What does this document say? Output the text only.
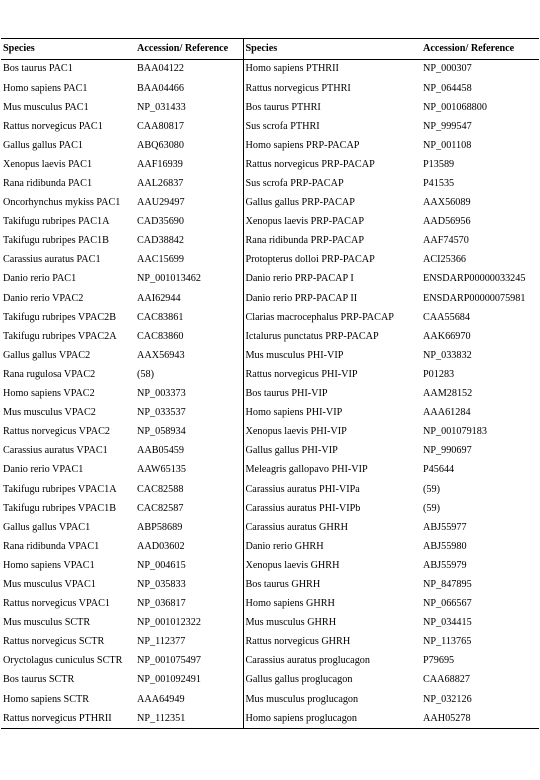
Species	Accession/ Reference	Species	Accession/ Reference
Bos taurus PAC1	BAA04122	Homo sapiens PTHRII	NP_000307
Homo sapiens PAC1	BAA04466	Rattus norvegicus PTHRI	NP_064458
Mus musculus PAC1	NP_031433	Bos taurus PTHRI	NP_001068800
Rattus norvegicus PAC1	CAA80817	Sus scrofa PTHRI	NP_999547
Gallus gallus PAC1	ABQ63080	Homo sapiens PRP-PACAP	NP_001108
Xenopus laevis PAC1	AAF16939	Rattus norvegicus PRP-PACAP	P13589
Rana ridibunda PAC1	AAL26837	Sus scrofa PRP-PACAP	P41535
Oncorhynchus mykiss PAC1	AAU29497	Gallus gallus PRP-PACAP	AAX56089
Takifugu rubripes PAC1A	CAD35690	Xenopus laevis PRP-PACAP	AAD56956
Takifugu rubripes PAC1B	CAD38842	Rana ridibunda PRP-PACAP	AAF74570
Carassius auratus PAC1	AAC15699	Protopterus dolloi PRP-PACAP	ACI25366
Danio rerio PAC1	NP_001013462	Danio rerio PRP-PACAP I	ENSDARP00000033245
Danio rerio VPAC2	AAI62944	Danio rerio PRP-PACAP II	ENSDARP00000075981
Takifugu rubripes VPAC2B	CAC83861	Clarias macrocephalus PRP-PACAP	CAA55684
Takifugu rubripes VPAC2A	CAC83860	Ictalurus punctatus PRP-PACAP	AAK66970
Gallus gallus VPAC2	AAX56943	Mus musculus PHI-VIP	NP_033832
Rana rugulosa VPAC2	(58)	Rattus norvegicus PHI-VIP	P01283
Homo sapiens VPAC2	NP_003373	Bos taurus PHI-VIP	AAM28152
Mus musculus VPAC2	NP_033537	Homo sapiens PHI-VIP	AAA61284
Rattus norvegicus VPAC2	NP_058934	Xenopus laevis PHI-VIP	NP_001079183
Carassius auratus VPAC1	AAB05459	Gallus gallus PHI-VIP	NP_990697
Danio rerio VPAC1	AAW65135	Meleagris gallopavo PHI-VIP	P45644
Takifugu rubripes VPAC1A	CAC82588	Carassius auratus PHI-VIPa	(59)
Takifugu rubripes VPAC1B	CAC82587	Carassius auratus PHI-VIPb	(59)
Gallus gallus VPAC1	ABP58689	Carassius auratus GHRH	ABJ55977
Rana ridibunda VPAC1	AAD03602	Danio rerio GHRH	ABJ55980
Homo sapiens VPAC1	NP_004615	Xenopus laevis GHRH	ABJ55979
Mus musculus VPAC1	NP_035833	Bos taurus GHRH	NP_847895
Rattus norvegicus VPAC1	NP_036817	Homo sapiens GHRH	NP_066567
Mus musculus SCTR	NP_001012322	Mus musculus GHRH	NP_034415
Rattus norvegicus SCTR	NP_112377	Rattus norvegicus GHRH	NP_113765
Oryctolagus cuniculus SCTR	NP_001075497	Carassius auratus proglucagon	P79695
Bos taurus SCTR	NP_001092491	Gallus gallus proglucagon	CAA68827
Homo sapiens SCTR	AAA64949	Mus musculus proglucagon	NP_032126
Rattus norvegicus PTHRII	NP_112351	Homo sapiens proglucagon	AAH05278
